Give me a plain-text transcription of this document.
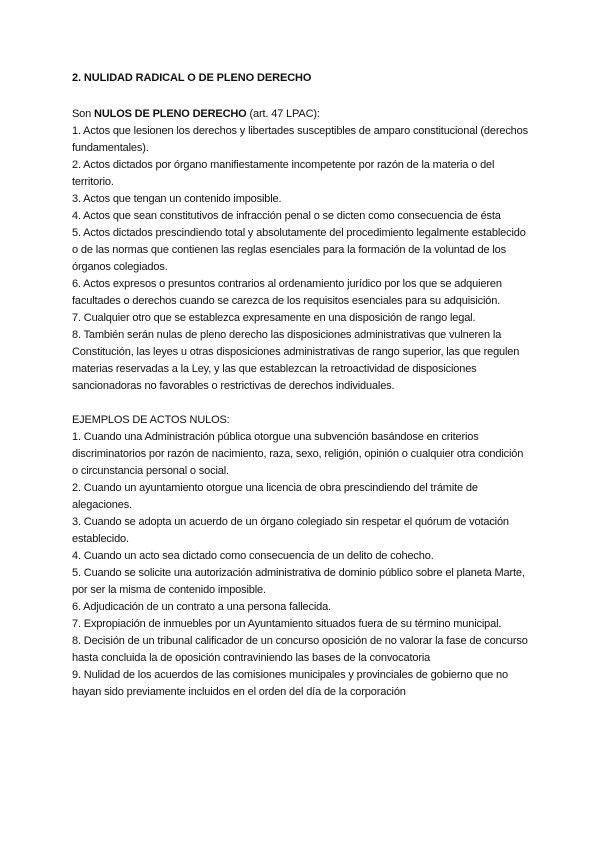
2. NULIDAD RADICAL O DE PLENO DERECHO

Son NULOS DE PLENO DERECHO (art. 47 LPAC):

1. Actos que lesionen los derechos y libertades susceptibles de amparo constitucional (derechos fundamentales).

2. Actos dictados por órgano manifiestamente incompetente por razón de la materia o del territorio.

3. Actos que tengan un contenido imposible.

4. Actos que sean constitutivos de infracción penal o se dicten como consecuencia de ésta

5. Actos dictados prescindiendo total y absolutamente del procedimiento legalmente establecido o de las normas que contienen las reglas esenciales para la formación de la voluntad de los órganos colegiados.

6. Actos expresos o presuntos contrarios al ordenamiento jurídico por los que se adquieren facultades o derechos cuando se carezca de los requisitos esenciales para su adquisición.

7. Cualquier otro que se establezca expresamente en una disposición de rango legal.

8. También serán nulas de pleno derecho las disposiciones administrativas que vulneren la Constitución, las leyes u otras disposiciones administrativas de rango superior, las que regulen materias reservadas a la Ley, y las que establezcan la retroactividad de disposiciones sancionadoras no favorables o restrictivas de derechos individuales.

EJEMPLOS DE ACTOS NULOS:

1. Cuando una Administración pública otorgue una subvención basándose en criterios discriminatorios por razón de nacimiento, raza, sexo, religión, opinión o cualquier otra condición o circunstancia personal o social.

2. Cuando un ayuntamiento otorgue una licencia de obra prescindiendo del trámite de alegaciones.

3. Cuando se adopta un acuerdo de un órgano colegiado sin respetar el quórum de votación establecido.

4. Cuando un acto sea dictado como consecuencia de un delito de cohecho.

5. Cuando se solicite una autorización administrativa de dominio público sobre el planeta Marte, por ser la misma de contenido imposible.

6. Adjudicación de un contrato a una persona fallecida.

7. Expropiación de inmuebles por un Ayuntamiento situados fuera de su término municipal.

8. Decisión de un tribunal calificador de un concurso oposición de no valorar la fase de concurso hasta concluida la de oposición contraviniendo las bases de la convocatoria

9. Nulidad de los acuerdos de las comisiones municipales y provinciales de gobierno que no hayan sido previamente incluidos en el orden del día de la corporación
